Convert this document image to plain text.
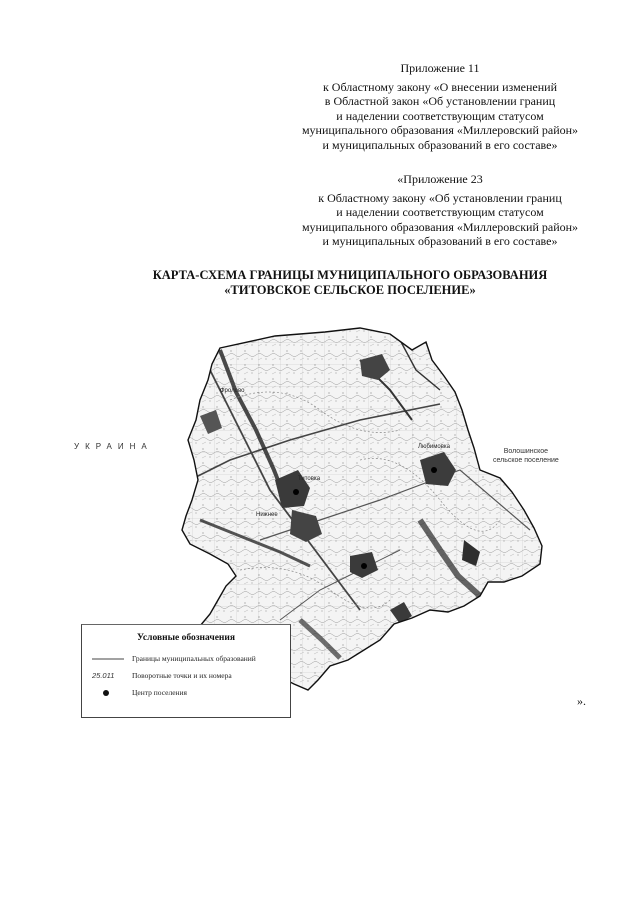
Приложение 11
к Областному закону «О внесении изменений
в Областной закон «Об установлении границ
и наделении соответствующим статусом
муниципального образования «Миллеровский район»
и муниципальных образований в его составе»
«Приложение 23
к Областному закону «Об установлении границ
и наделении соответствующим статусом
муниципального образования «Миллеровский район»
и муниципальных образований в его составе»
КАРТА-СХЕМА ГРАНИЦЫ МУНИЦИПАЛЬНОГО ОБРАЗОВАНИЯ
«ТИТОВСКОЕ СЕЛЬСКОЕ ПОСЕЛЕНИЕ»
Фролово
Титовка
Нижнее
Любимовка
УКРАИНА
Волошинское
сельское поселение
Условные обозначения
Границы муниципальных образований
25.011	Поворотные точки и их номера
Центр поселения
».
